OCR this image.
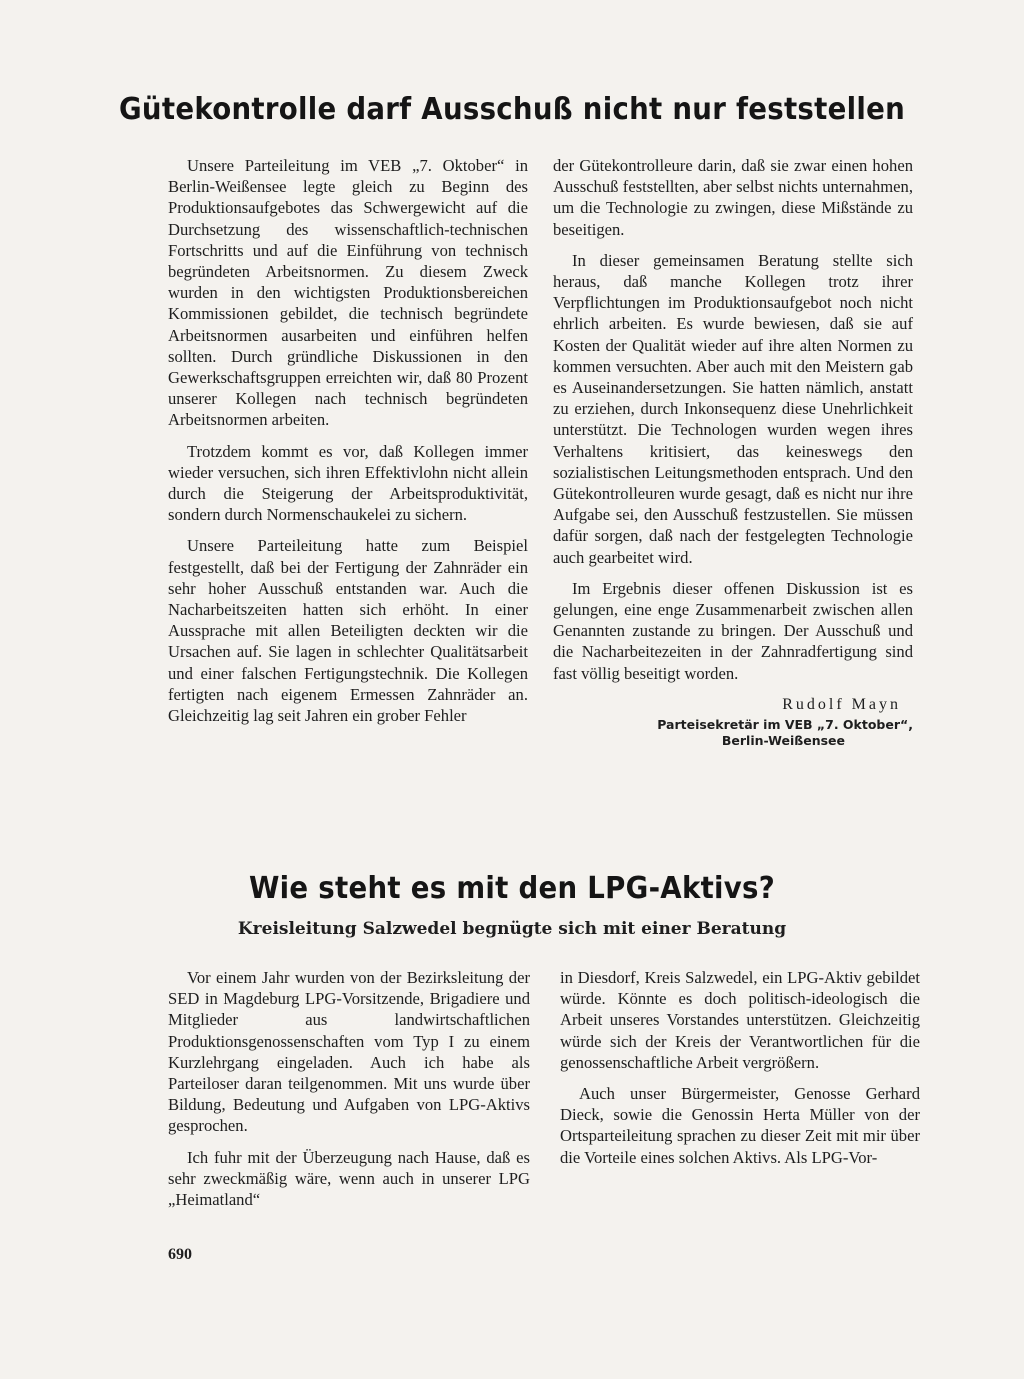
Gütekontrolle darf Ausschuß nicht nur feststellen

Unsere Parteileitung im VEB „7. Oktober“ in Berlin-Weißensee legte gleich zu Beginn des Produktionsaufgebotes das Schwergewicht auf die Durchsetzung des wissenschaftlich-technischen Fortschritts und auf die Einführung von technisch begründeten Arbeitsnormen. Zu diesem Zweck wurden in den wichtigsten Produktionsbereichen Kommissionen gebildet, die technisch begründete Arbeitsnormen ausarbeiten und einführen helfen sollten. Durch gründliche Diskussionen in den Gewerkschaftsgruppen erreichten wir, daß 80 Prozent unserer Kollegen nach technisch begründeten Arbeitsnormen arbeiten.

Trotzdem kommt es vor, daß Kollegen immer wieder versuchen, sich ihren Effektivlohn nicht allein durch die Steigerung der Arbeitsproduktivität, sondern durch Normenschaukelei zu sichern.

Unsere Parteileitung hatte zum Beispiel festgestellt, daß bei der Fertigung der Zahnräder ein sehr hoher Ausschuß entstanden war. Auch die Nacharbeitszeiten hatten sich erhöht. In einer Aussprache mit allen Beteiligten deckten wir die Ursachen auf. Sie lagen in schlechter Qualitätsarbeit und einer falschen Fertigungstechnik. Die Kollegen fertigten nach eigenem Ermessen Zahnräder an. Gleichzeitig lag seit Jahren ein grober Fehler

der Gütekontrolleure darin, daß sie zwar einen hohen Ausschuß feststellten, aber selbst nichts unternahmen, um die Technologie zu zwingen, diese Mißstände zu beseitigen.

In dieser gemeinsamen Beratung stellte sich heraus, daß manche Kollegen trotz ihrer Verpflichtungen im Produktionsaufgebot noch nicht ehrlich arbeiten. Es wurde bewiesen, daß sie auf Kosten der Qualität wieder auf ihre alten Normen zu kommen versuchten. Aber auch mit den Meistern gab es Auseinandersetzungen. Sie hatten nämlich, anstatt zu erziehen, durch Inkonsequenz diese Unehrlichkeit unterstützt. Die Technologen wurden wegen ihres Verhaltens kritisiert, das keineswegs den sozialistischen Leitungsmethoden entsprach. Und den Gütekontrolleuren wurde gesagt, daß es nicht nur ihre Aufgabe sei, den Ausschuß festzustellen. Sie müssen dafür sorgen, daß nach der festgelegten Technologie auch gearbeitet wird.

Im Ergebnis dieser offenen Diskussion ist es gelungen, eine enge Zusammenarbeit zwischen allen Genannten zustande zu bringen. Der Ausschuß und die Nacharbeitezeiten in der Zahnradfertigung sind fast völlig beseitigt worden.

Rudolf Mayn
Parteisekretär im VEB „7. Oktober“,
Berlin-Weißensee
Wie steht es mit den LPG-Aktivs?
Kreisleitung Salzwedel begnügte sich mit einer Beratung

Vor einem Jahr wurden von der Bezirksleitung der SED in Magdeburg LPG-Vorsitzende, Brigadiere und Mitglieder aus landwirtschaftlichen Produktionsgenossenschaften vom Typ I zu einem Kurzlehrgang eingeladen. Auch ich habe als Parteiloser daran teilgenommen. Mit uns wurde über Bildung, Bedeutung und Aufgaben von LPG-Aktivs gesprochen.

Ich fuhr mit der Überzeugung nach Hause, daß es sehr zweckmäßig wäre, wenn auch in unserer LPG „Heimatland“

in Diesdorf, Kreis Salzwedel, ein LPG-Aktiv gebildet würde. Könnte es doch politisch-ideologisch die Arbeit unseres Vorstandes unterstützen. Gleichzeitig würde sich der Kreis der Verantwortlichen für die genossenschaftliche Arbeit vergrößern.

Auch unser Bürgermeister, Genosse Gerhard Dieck, sowie die Genossin Herta Müller von der Ortsparteileitung sprachen zu dieser Zeit mit mir über die Vorteile eines solchen Aktivs. Als LPG-Vor-

690
